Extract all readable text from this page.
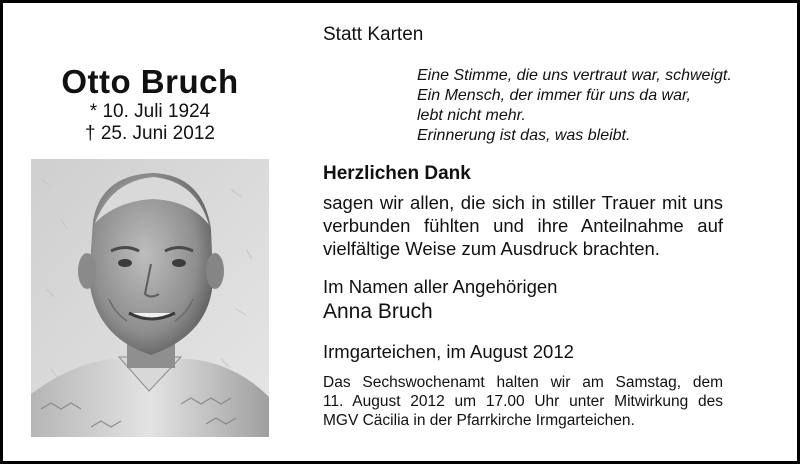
Statt Karten
Otto Bruch
* 10. Juli 1924
† 25. Juni 2012
Eine Stimme, die uns vertraut war, schweigt.
Ein Mensch, der immer für uns da war,
lebt nicht mehr.
Erinnerung ist das, was bleibt.
Herzlichen Dank
sagen wir allen, die sich in stiller Trauer mit uns
verbunden fühlten und ihre Anteilnahme auf
vielfältige Weise zum Ausdruck brachten.
Im Namen aller Angehörigen
Anna Bruch
Irmgarteichen, im August 2012
Das Sechswochenamt halten wir am Samstag, dem
11. August 2012 um 17.00 Uhr unter Mitwirkung des
MGV Cäcilia in der Pfarrkirche Irmgarteichen.
